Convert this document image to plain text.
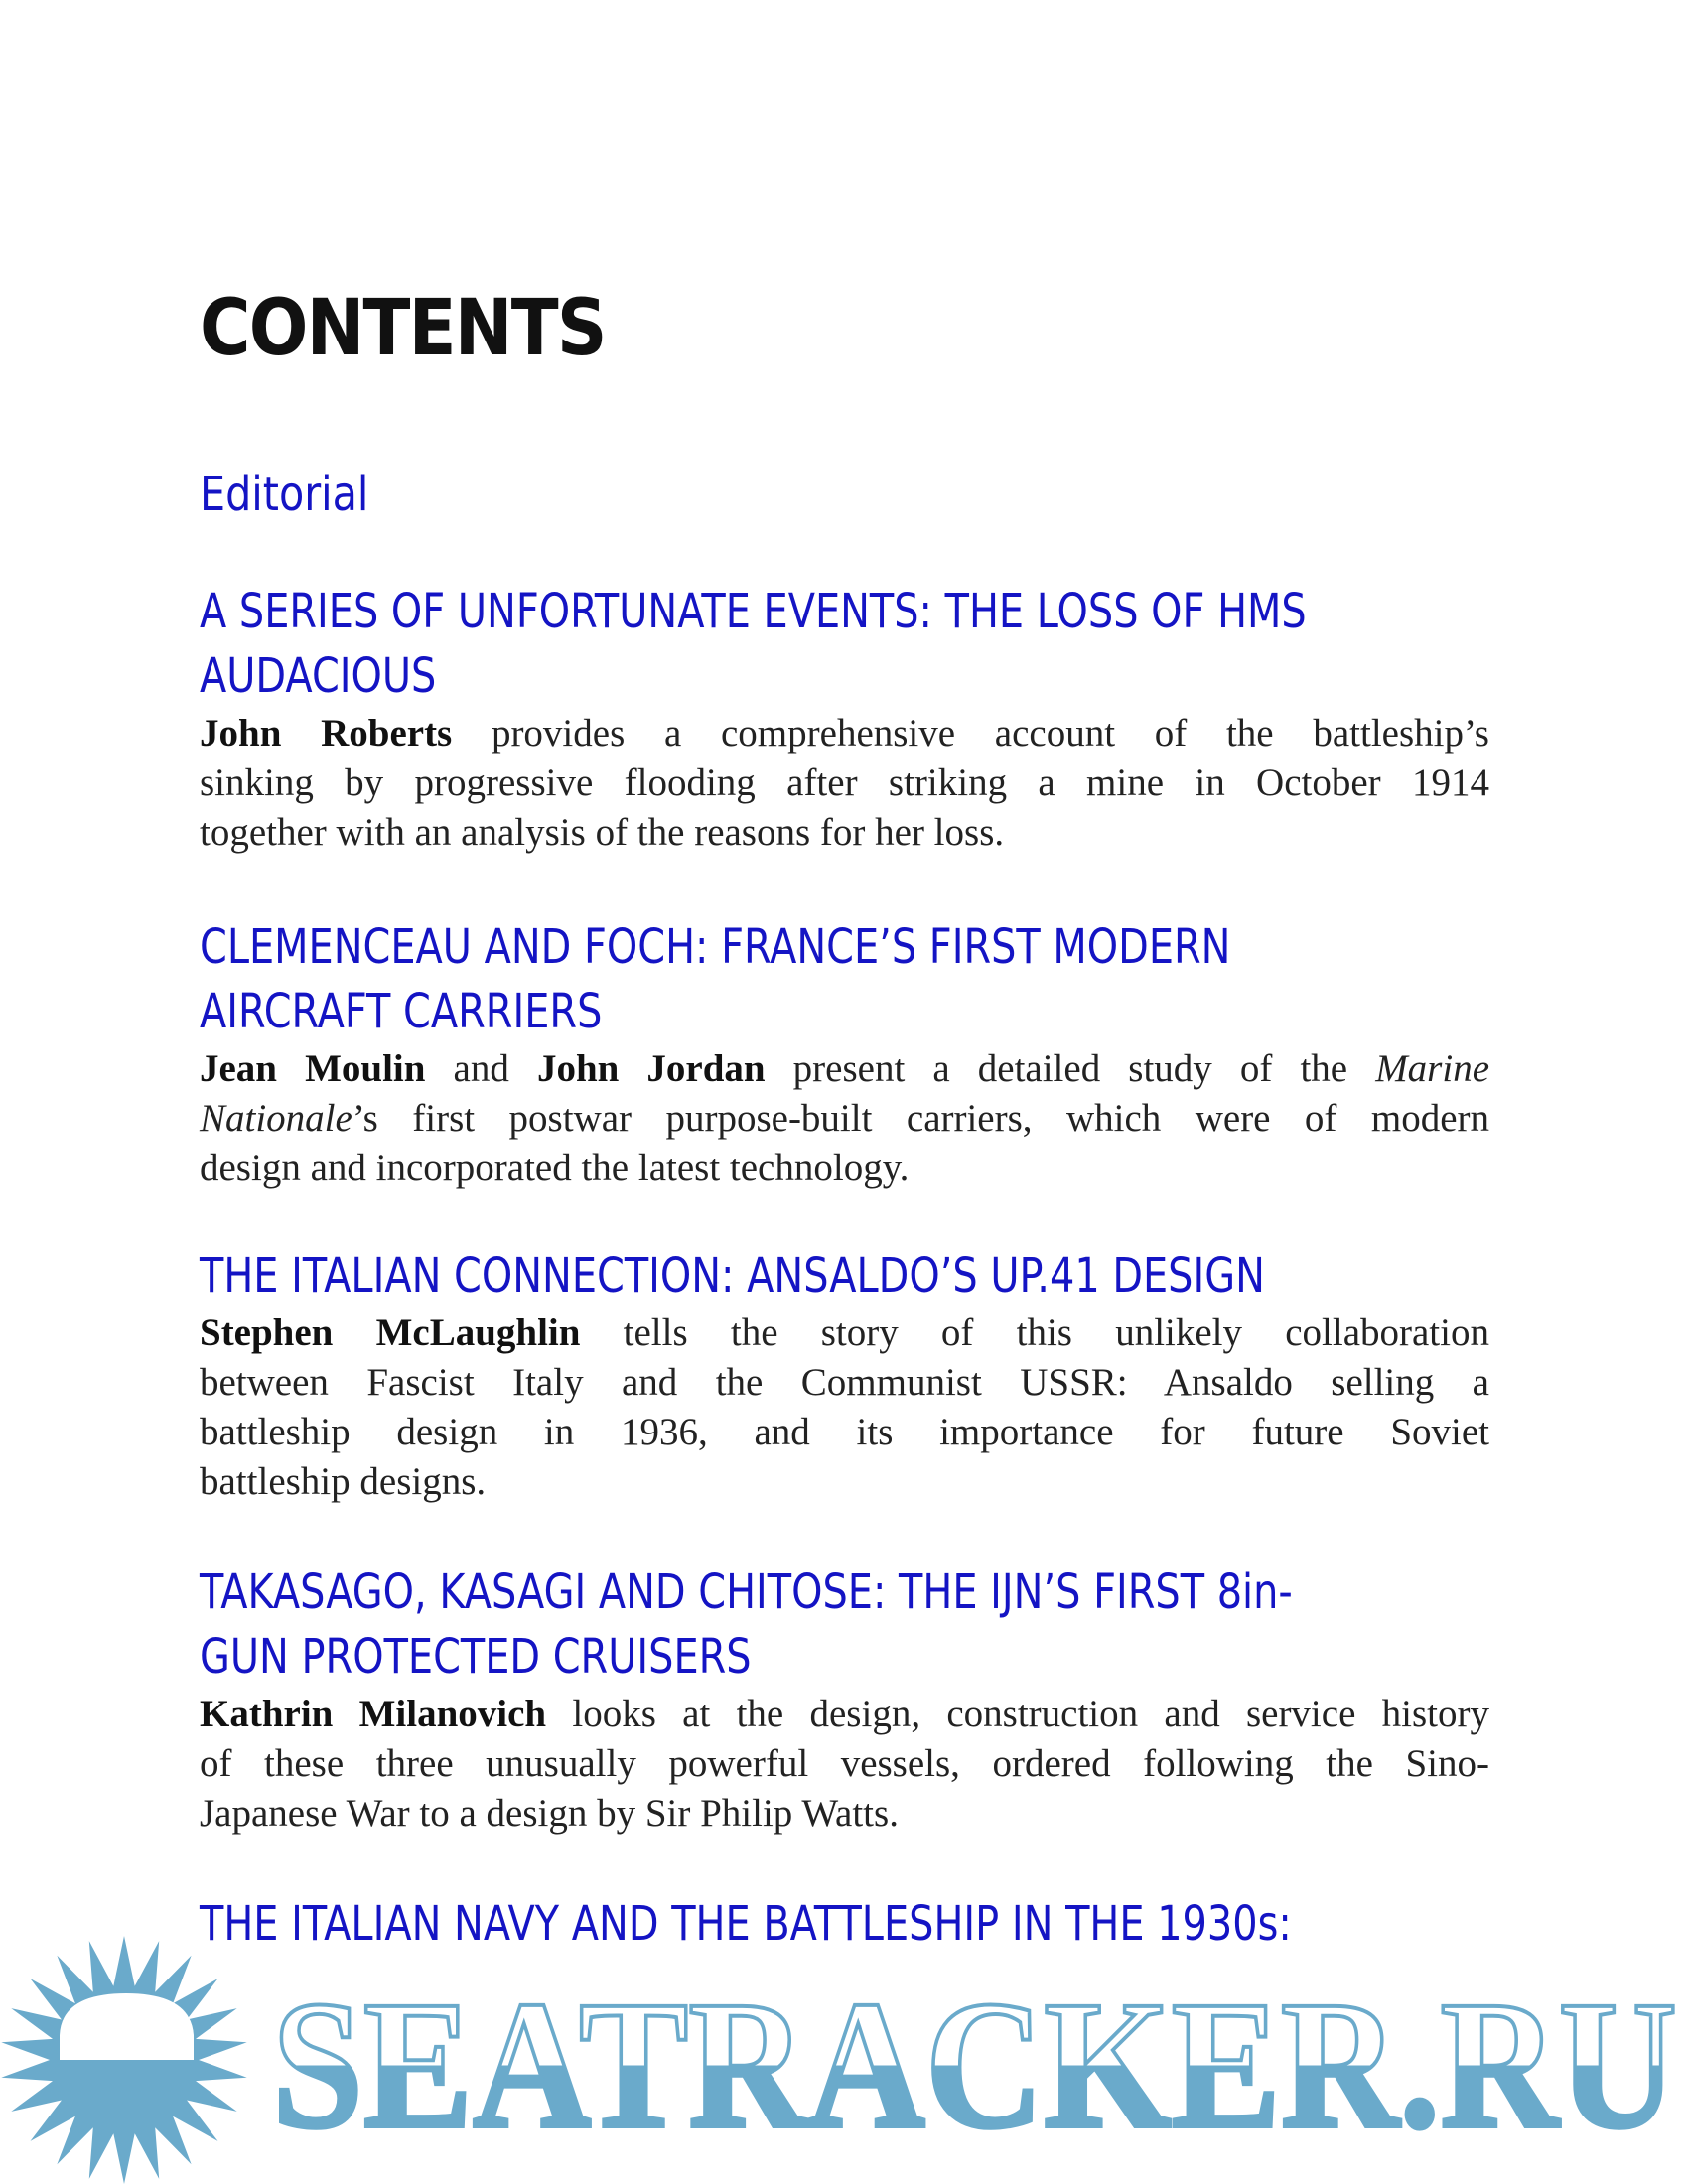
CONTENTS
Editorial
A SERIES OF UNFORTUNATE EVENTS: THE LOSS OF HMS
AUDACIOUS
John Roberts provides a comprehensive account of the battleship’s
sinking by progressive flooding after striking a mine in October 1914
together with an analysis of the reasons for her loss.
CLEMENCEAU AND FOCH: FRANCE’S FIRST MODERN
AIRCRAFT CARRIERS
Jean Moulin and John Jordan present a detailed study of the Marine
Nationale’s first postwar purpose-built carriers, which were of modern
design and incorporated the latest technology.
THE ITALIAN CONNECTION: ANSALDO’S UP.41 DESIGN
Stephen McLaughlin tells the story of this unlikely collaboration
between Fascist Italy and the Communist USSR: Ansaldo selling a
battleship design in 1936, and its importance for future Soviet
battleship designs.
TAKASAGO, KASAGI AND CHITOSE: THE IJN’S FIRST 8in-
GUN PROTECTED CRUISERS
Kathrin Milanovich looks at the design, construction and service history
of these three unusually powerful vessels, ordered following the Sino-
Japanese War to a design by Sir Philip Watts.
THE ITALIAN NAVY AND THE BATTLESHIP IN THE 1930s:
SEATRACKER.RU
